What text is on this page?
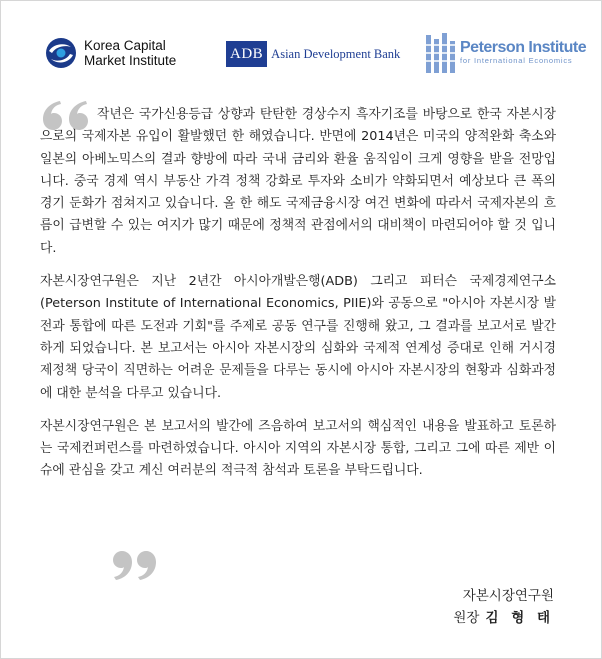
Korea Capital
Market Institute	ADB Asian Development Bank	Peterson Institute
for International Economics

작년은 국가신용등급 상향과 탄탄한 경상수지 흑자기조를 바탕으로 한국 자본시장으로의 국제자본 유입이 활발했던 한 해였습니다. 반면에 2014년은 미국의 양적완화 축소와 일본의 아베노믹스의 결과 향방에 따라 국내 금리와 환율 움직임이 크게 영향을 받을 전망입니다. 중국 경제 역시 부동산 가격 정책 강화로 투자와 소비가 약화되면서 예상보다 큰 폭의 경기 둔화가 점쳐지고 있습니다. 올 한 해도 국제금융시장 여건 변화에 따라서 국제자본의 흐름이 급변할 수 있는 여지가 많기 때문에 정책적 관점에서의 대비책이 마련되어야 할 것 입니다.

자본시장연구원은 지난 2년간 아시아개발은행(ADB) 그리고 피터슨 국제경제연구소(Peterson Institute of International Economics, PIIE)와 공동으로 "아시아 자본시장 발전과 통합에 따른 도전과 기회"를 주제로 공동 연구를 진행해 왔고, 그 결과를 보고서로 발간하게 되었습니다. 본 보고서는 아시아 자본시장의 심화와 국제적 연계성 증대로 인해 거시경제정책 당국이 직면하는 어려운 문제들을 다루는 동시에 아시아 자본시장의 현황과 심화과정에 대한 분석을 다루고 있습니다.

자본시장연구원은 본 보고서의 발간에 즈음하여 보고서의 핵심적인 내용을 발표하고 토론하는 국제컨퍼런스를 마련하였습니다. 아시아 지역의 자본시장 통합, 그리고 그에 따른 제반 이슈에 관심을 갖고 계신 여러분의 적극적 참석과 토론을 부탁드립니다.

자본시장연구원
원장 김 형 태
